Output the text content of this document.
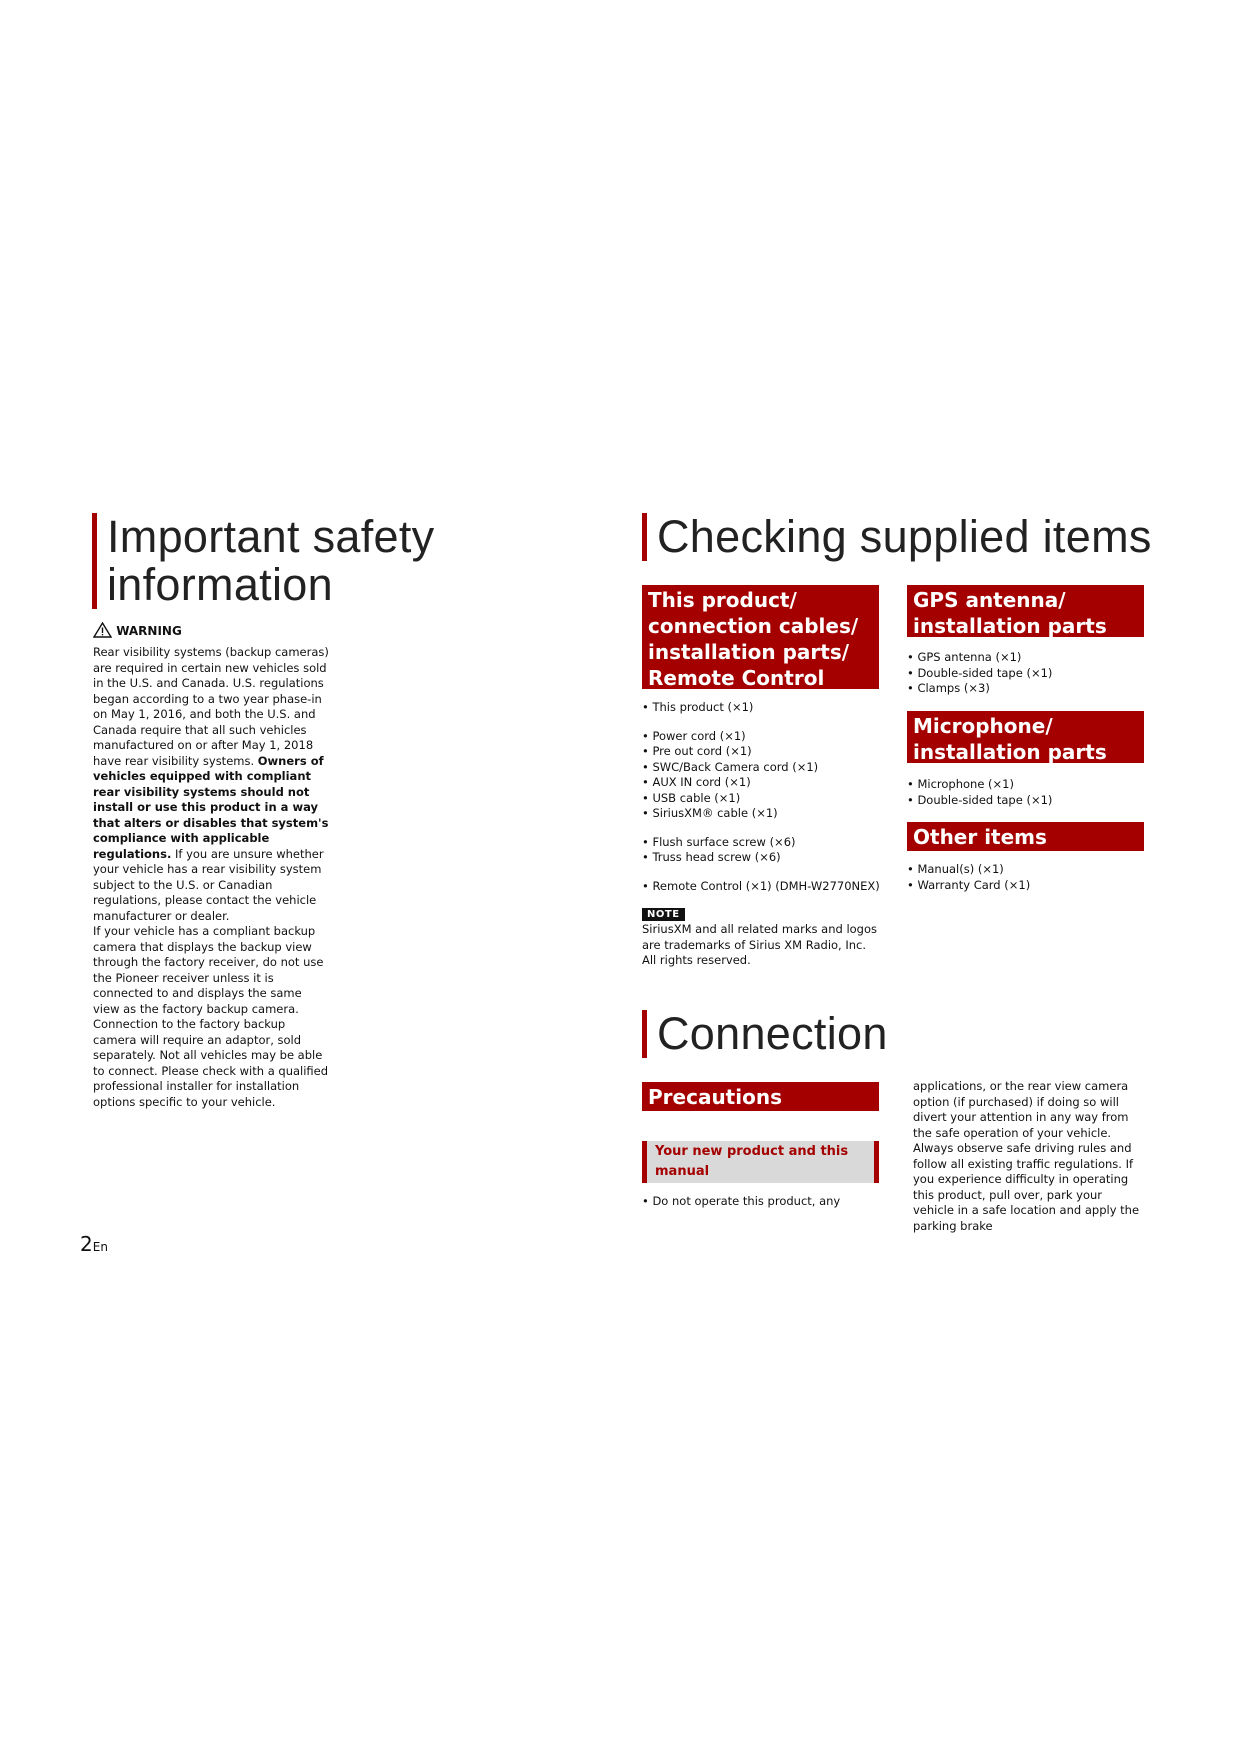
Important safety
information
WARNING
Rear visibility systems (backup cameras) are required in certain new vehicles sold in the U.S. and Canada. U.S. regulations began according to a two year phase-in on May 1, 2016, and both the U.S. and Canada require that all such vehicles manufactured on or after May 1, 2018 have rear visibility systems. Owners of vehicles equipped with compliant rear visibility systems should not install or use this product in a way that alters or disables that system's compliance with applicable regulations. If you are unsure whether your vehicle has a rear visibility system subject to the U.S. or Canadian regulations, please contact the vehicle manufacturer or dealer.
If your vehicle has a compliant backup camera that displays the backup view through the factory receiver, do not use the Pioneer receiver unless it is connected to and displays the same view as the factory backup camera. Connection to the factory backup camera will require an adaptor, sold separately. Not all vehicles may be able to connect. Please check with a qualified professional installer for installation options specific to your vehicle.
Checking supplied items
This product/
connection cables/
installation parts/
Remote Control
• This product (×1)
• Power cord (×1)
• Pre out cord (×1)
• SWC/Back Camera cord (×1)
• AUX IN cord (×1)
• USB cable (×1)
• SiriusXM® cable (×1)
• Flush surface screw (×6)
• Truss head screw (×6)
• Remote Control (×1) (DMH-W2770NEX)
NOTE
SiriusXM and all related marks and logos are trademarks of Sirius XM Radio, Inc. All rights reserved.
GPS antenna/
installation parts
• GPS antenna (×1)
• Double-sided tape (×1)
• Clamps (×3)
Microphone/
installation parts
• Microphone (×1)
• Double-sided tape (×1)
Other items
• Manual(s) (×1)
• Warranty Card (×1)
Connection
Precautions
Your new product and this
manual
• Do not operate this product, any
applications, or the rear view camera option (if purchased) if doing so will divert your attention in any way from the safe operation of your vehicle. Always observe safe driving rules and follow all existing traffic regulations. If you experience difficulty in operating this product, pull over, park your vehicle in a safe location and apply the parking brake
2En
